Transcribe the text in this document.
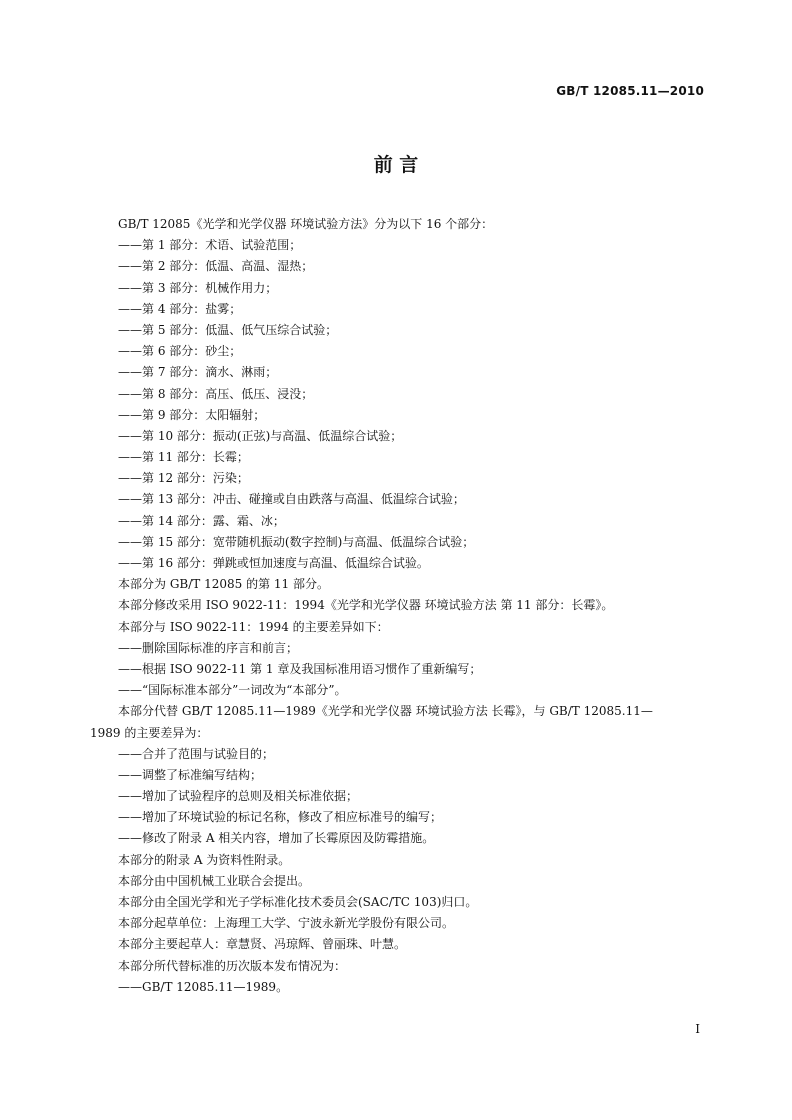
GB/T 12085.11—2010
前 言
GB/T 12085《光学和光学仪器 环境试验方法》分为以下 16 个部分：
——第 1 部分：术语、试验范围；
——第 2 部分：低温、高温、湿热；
——第 3 部分：机械作用力；
——第 4 部分：盐雾；
——第 5 部分：低温、低气压综合试验；
——第 6 部分：砂尘；
——第 7 部分：滴水、淋雨；
——第 8 部分：高压、低压、浸没；
——第 9 部分：太阳辐射；
——第 10 部分：振动(正弦)与高温、低温综合试验；
——第 11 部分：长霉；
——第 12 部分：污染；
——第 13 部分：冲击、碰撞或自由跌落与高温、低温综合试验；
——第 14 部分：露、霜、冰；
——第 15 部分：宽带随机振动(数字控制)与高温、低温综合试验；
——第 16 部分：弹跳或恒加速度与高温、低温综合试验。
本部分为 GB/T 12085 的第 11 部分。
本部分修改采用 ISO 9022-11：1994《光学和光学仪器 环境试验方法 第 11 部分：长霉》。
本部分与 ISO 9022-11：1994 的主要差异如下：
——删除国际标准的序言和前言；
——根据 ISO 9022-11 第 1 章及我国标准用语习惯作了重新编写；
——“国际标准本部分”一词改为“本部分”。
本部分代替 GB/T 12085.11—1989《光学和光学仪器 环境试验方法 长霉》，与 GB/T 12085.11—
1989 的主要差异为：
——合并了范围与试验目的；
——调整了标准编写结构；
——增加了试验程序的总则及相关标准依据；
——增加了环境试验的标记名称，修改了相应标准号的编写；
——修改了附录 A 相关内容，增加了长霉原因及防霉措施。
本部分的附录 A 为资料性附录。
本部分由中国机械工业联合会提出。
本部分由全国光学和光子学标准化技术委员会(SAC/TC 103)归口。
本部分起草单位：上海理工大学、宁波永新光学股份有限公司。
本部分主要起草人：章慧贤、冯琼辉、曾丽珠、叶慧。
本部分所代替标准的历次版本发布情况为：
——GB/T 12085.11—1989。
I
